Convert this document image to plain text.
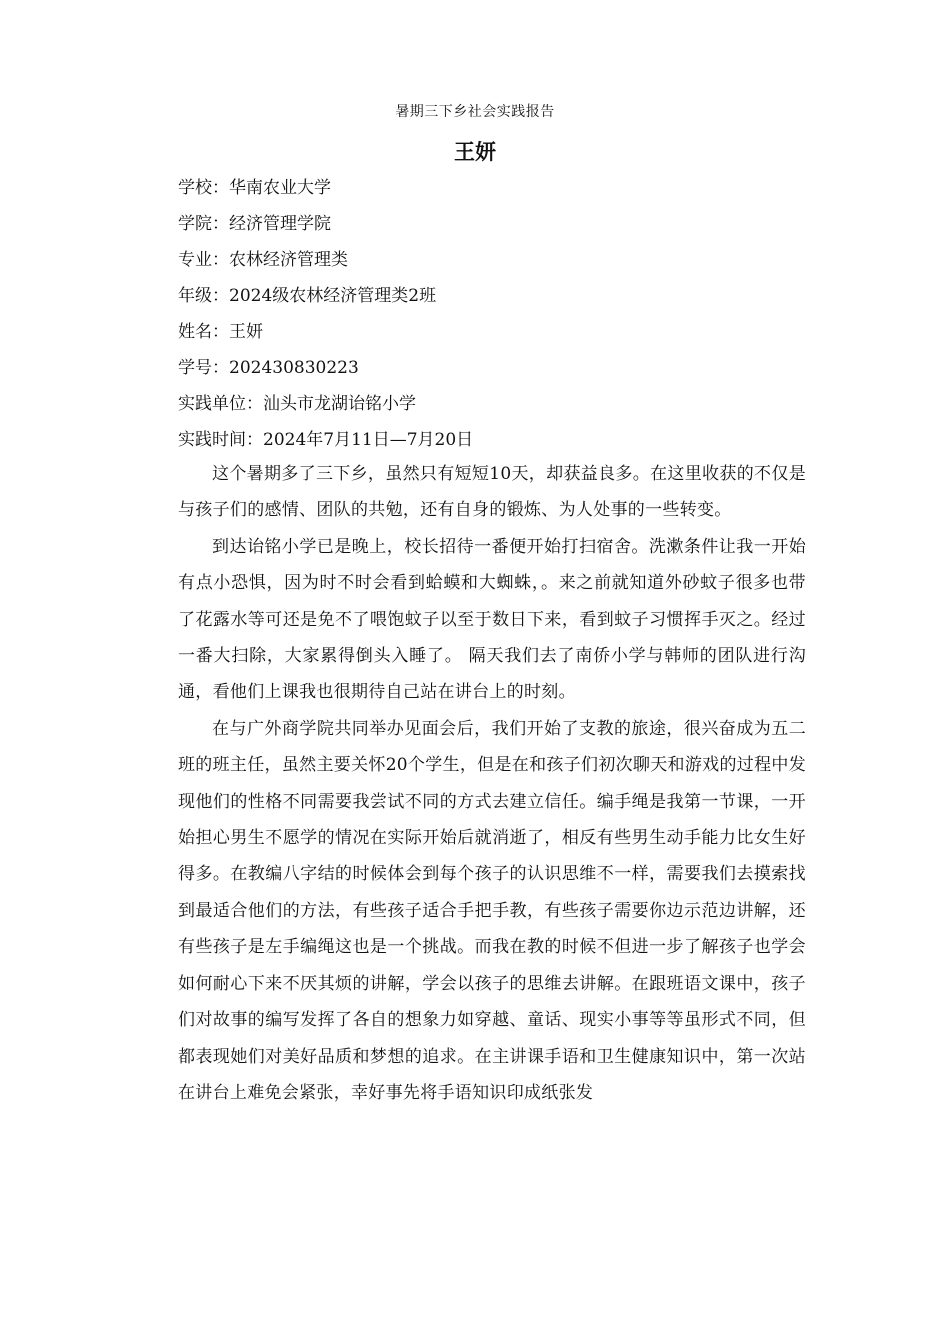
暑期三下乡社会实践报告
王妍
学校：华南农业大学
学院：经济管理学院
专业：农林经济管理类
年级：2024级农林经济管理类2班
姓名：王妍
学号：202430830223
实践单位：汕头市龙湖诒铭小学
实践时间：2024年7月11日—7月20日

这个暑期多了三下乡，虽然只有短短10天，却获益良多。在这里收获的不仅是与孩子们的感情、团队的共勉，还有自身的锻炼、为人处事的一些转变。

到达诒铭小学已是晚上，校长招待一番便开始打扫宿舍。洗漱条件让我一开始有点小恐惧，因为时不时会看到蛤蟆和大蜘蛛，。来之前就知道外砂蚊子很多也带了花露水等可还是免不了喂饱蚊子以至于数日下来，看到蚊子习惯挥手灭之。经过一番大扫除，大家累得倒头入睡了。 隔天我们去了南侨小学与韩师的团队进行沟通，看他们上课我也很期待自己站在讲台上的时刻。

在与广外商学院共同举办见面会后，我们开始了支教的旅途，很兴奋成为五二班的班主任，虽然主要关怀20个学生，但是在和孩子们初次聊天和游戏的过程中发现他们的性格不同需要我尝试不同的方式去建立信任。编手绳是我第一节课，一开始担心男生不愿学的情况在实际开始后就消逝了，相反有些男生动手能力比女生好得多。在教编八字结的时候体会到每个孩子的认识思维不一样，需要我们去摸索找到最适合他们的方法，有些孩子适合手把手教，有些孩子需要你边示范边讲解，还有些孩子是左手编绳这也是一个挑战。而我在教的时候不但进一步了解孩子也学会如何耐心下来不厌其烦的讲解，学会以孩子的思维去讲解。在跟班语文课中，孩子们对故事的编写发挥了各自的想象力如穿越、童话、现实小事等等虽形式不同，但都表现她们对美好品质和梦想的追求。在主讲课手语和卫生健康知识中，第一次站在讲台上难免会紧张，幸好事先将手语知识印成纸张发
